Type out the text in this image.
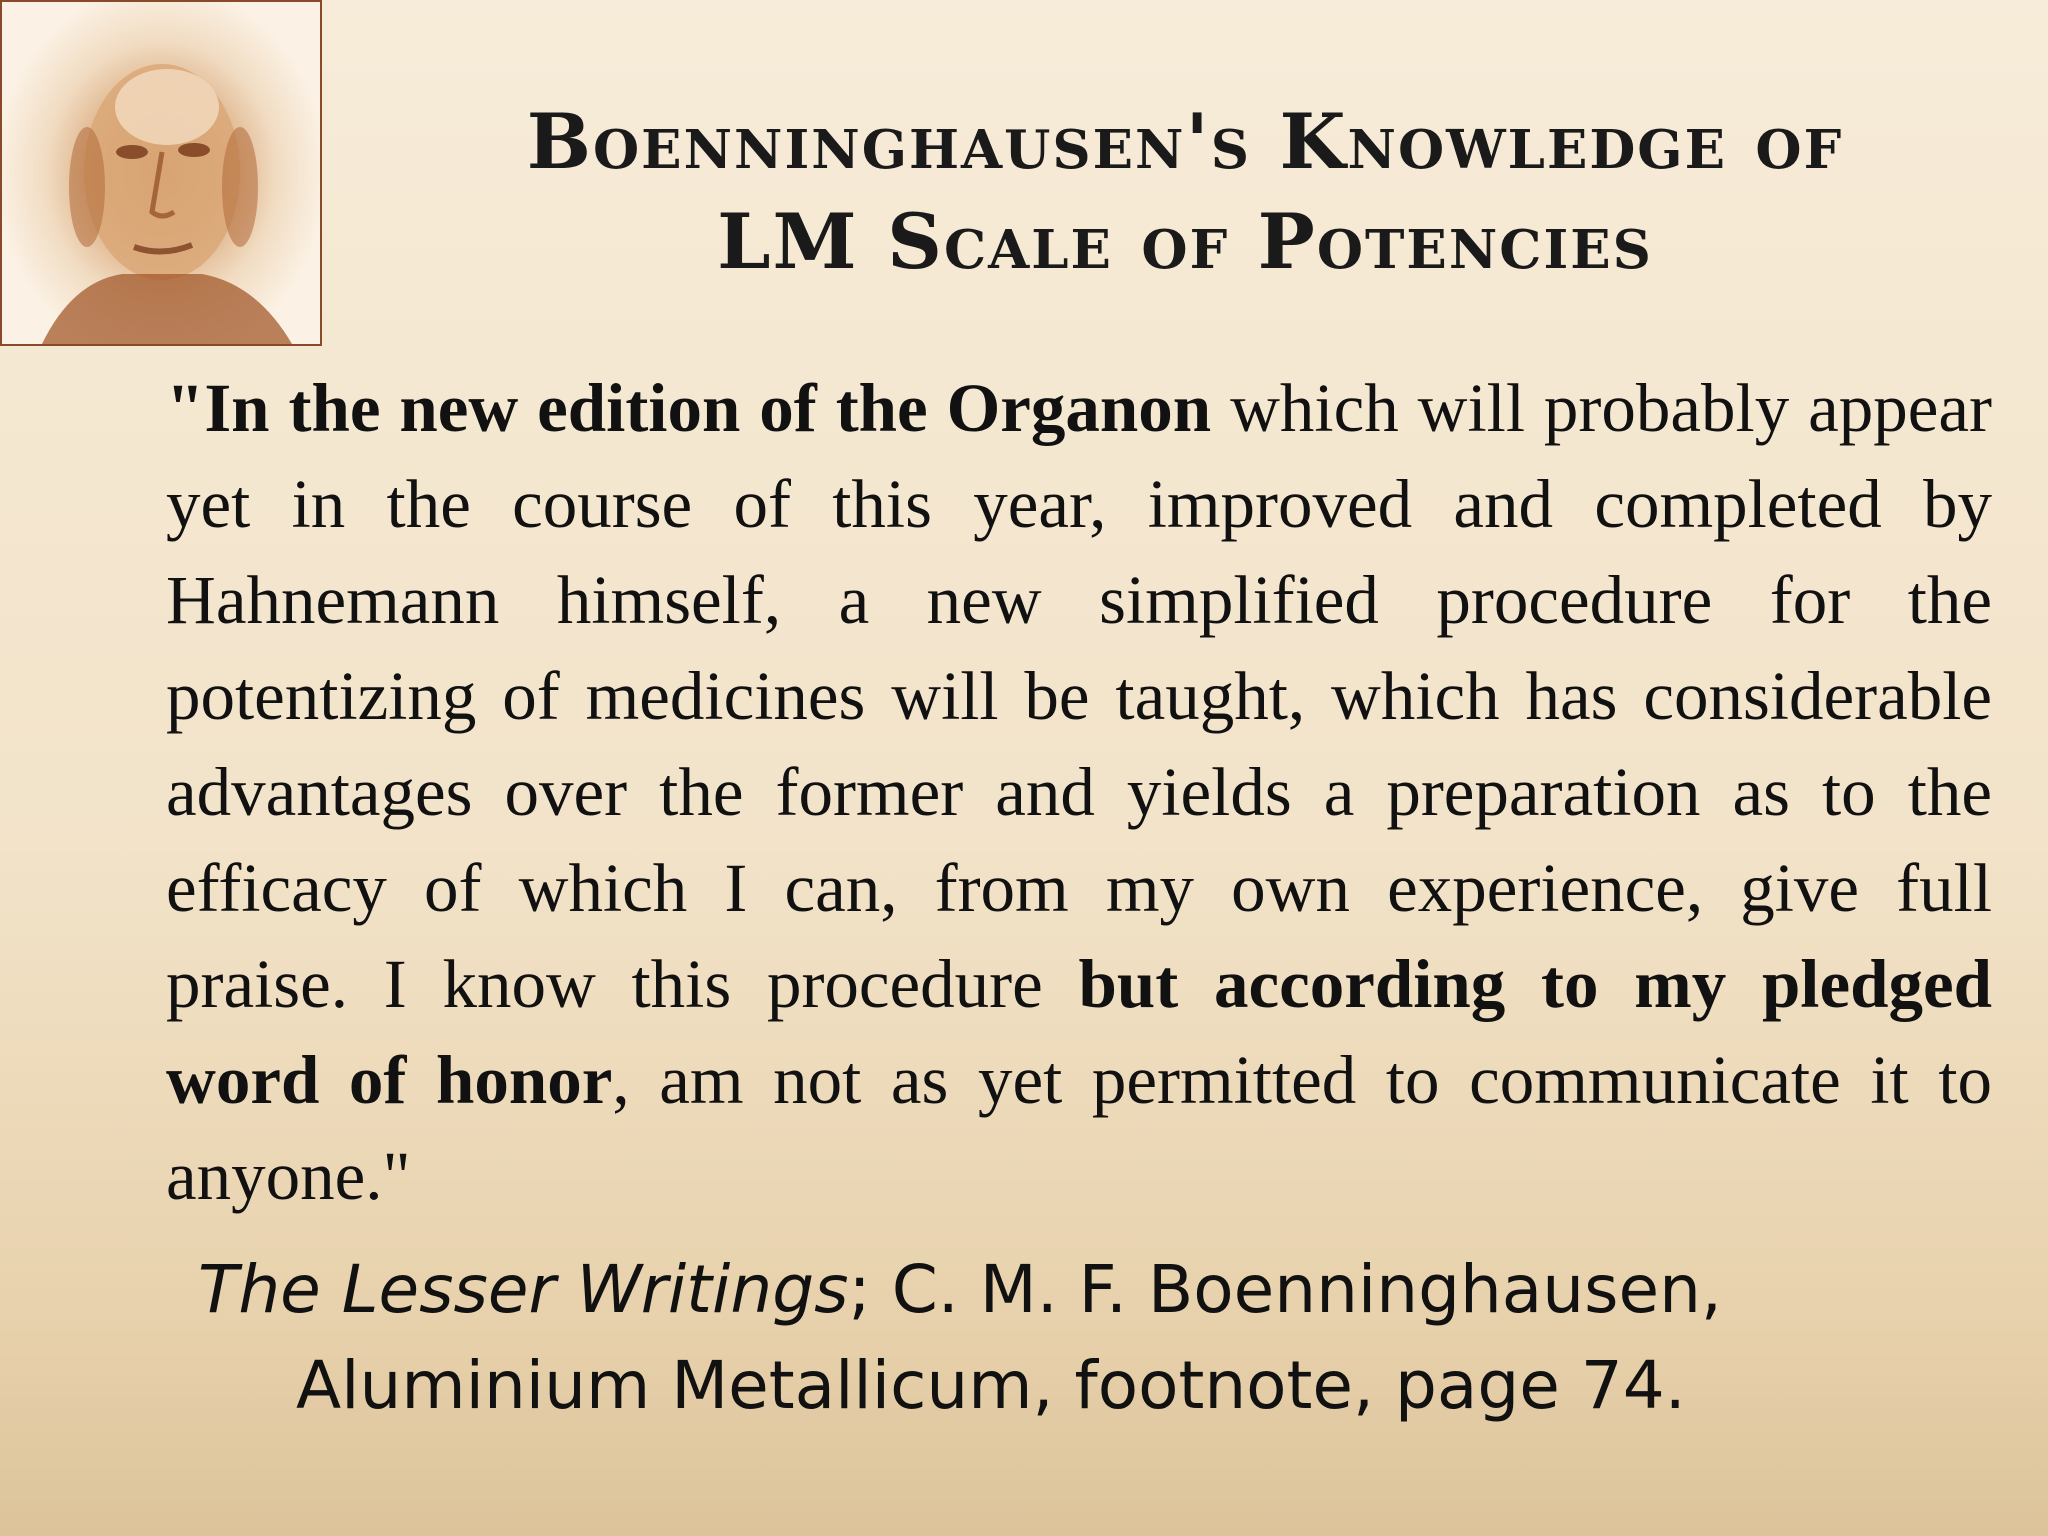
Boenninghausen's Knowledge of
LM Scale of Potencies

"In the new edition of the Organon which will probably appear yet in the course of this year, improved and completed by Hahnemann himself, a new simplified procedure for the potentizing of medicines will be taught, which has considerable advantages over the former and yields a preparation as to the efficacy of which I can, from my own experience, give full praise. I know this procedure but according to my pledged word of honor, am not as yet permitted to communicate it to anyone."

The Lesser Writings; C. M. F. Boenninghausen,
Aluminium Metallicum, footnote, page 74.
